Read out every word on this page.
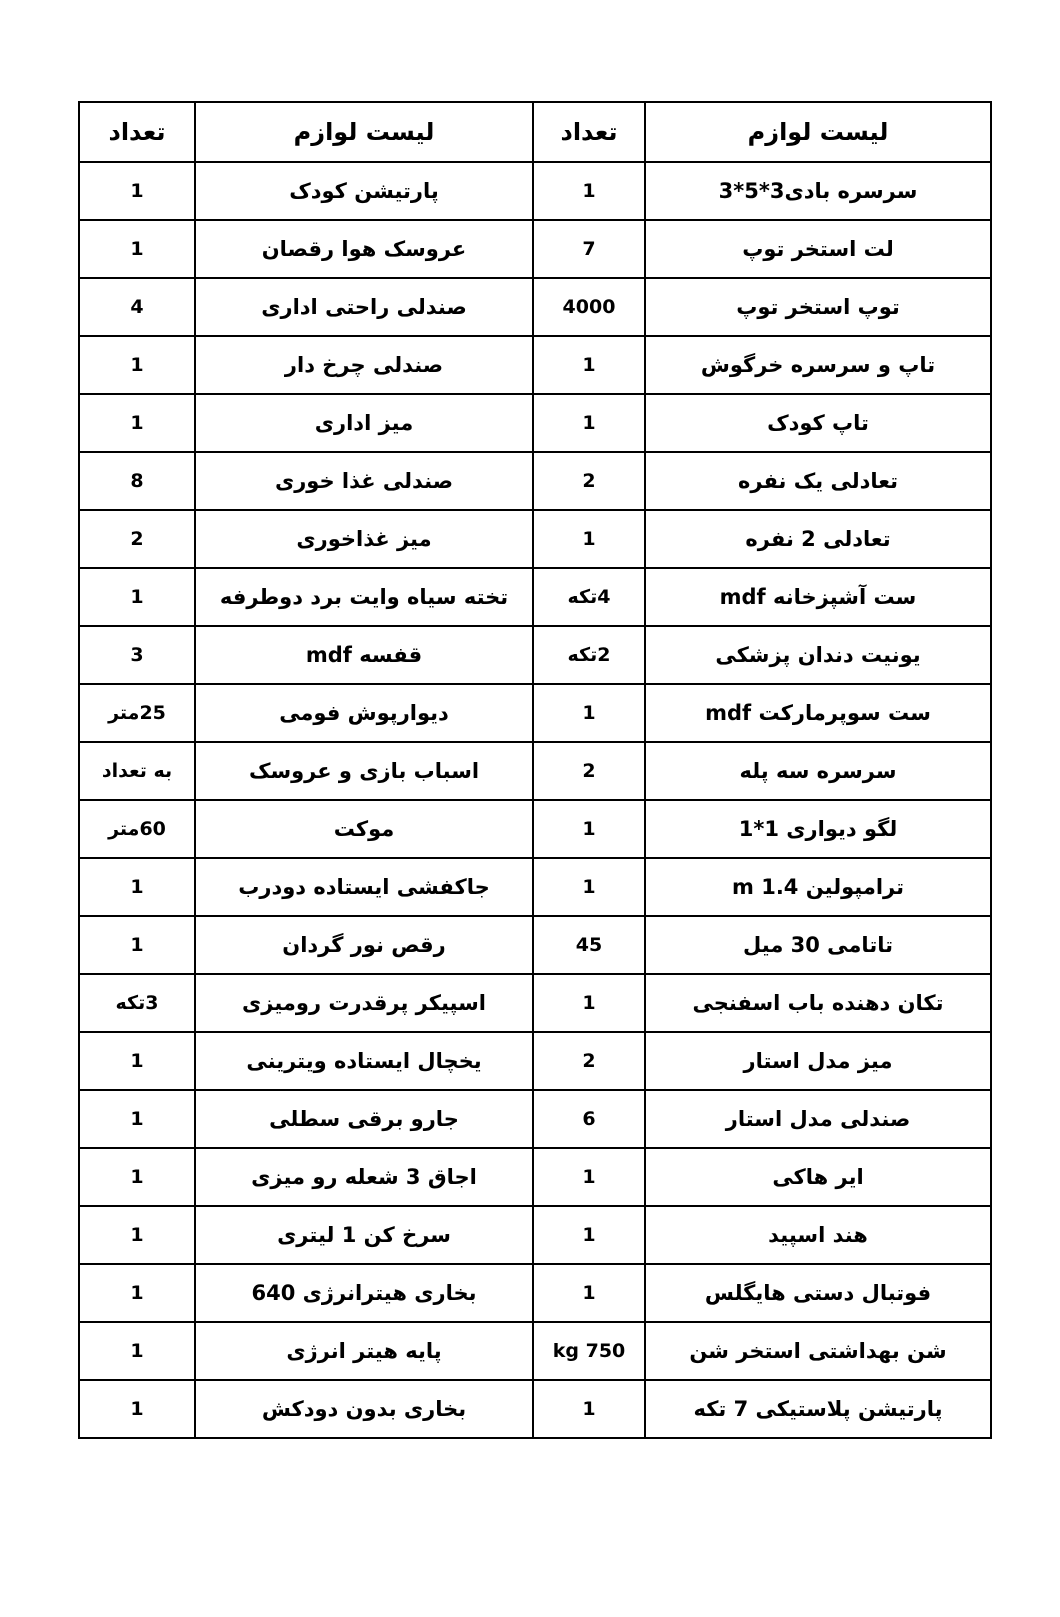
لیست لوازم	تعداد	لیست لوازم	تعداد
سرسره بادی3*5*3	1	پارتیشن کودک	1
لت استخر توپ	7	عروسک هوا رقصان	1
توپ استخر توپ	4000	صندلی راحتی اداری	4
تاپ و سرسره خرگوش	1	صندلی چرخ دار	1
تاپ کودک	1	میز اداری	1
تعادلی یک نفره	2	صندلی غذا خوری	8
تعادلی 2 نفره	1	میز غذاخوری	2
ست آشپزخانه mdf	4تکه	تخته سیاه وایت برد دوطرفه	1
یونیت دندان پزشکی	2تکه	قفسه mdf	3
ست سوپرمارکت mdf	1	دیوارپوش فومی	25متر
سرسره سه پله	2	اسباب بازی و عروسک	به تعداد
لگو دیواری 1*1	1	موکت	60متر
ترامپولین 1.4 m	1	جاکفشی ایستاده دودرب	1
تاتامی 30 میل	45	رقص نور گردان	1
تکان دهنده باب اسفنجی	1	اسپیکر پرقدرت رومیزی	3تکه
میز مدل استار	2	یخچال ایستاده ویترینی	1
صندلی مدل استار	6	جارو برقی سطلی	1
ایر هاکی	1	اجاق 3 شعله رو میزی	1
هند اسپید	1	سرخ کن 1 لیتری	1
فوتبال دستی هایگلس	1	بخاری هیترانرژی 640	1
شن بهداشتی استخر شن	750 kg	پایه هیتر انرژی	1
پارتیشن پلاستیکی 7 تکه	1	بخاری بدون دودکش	1
